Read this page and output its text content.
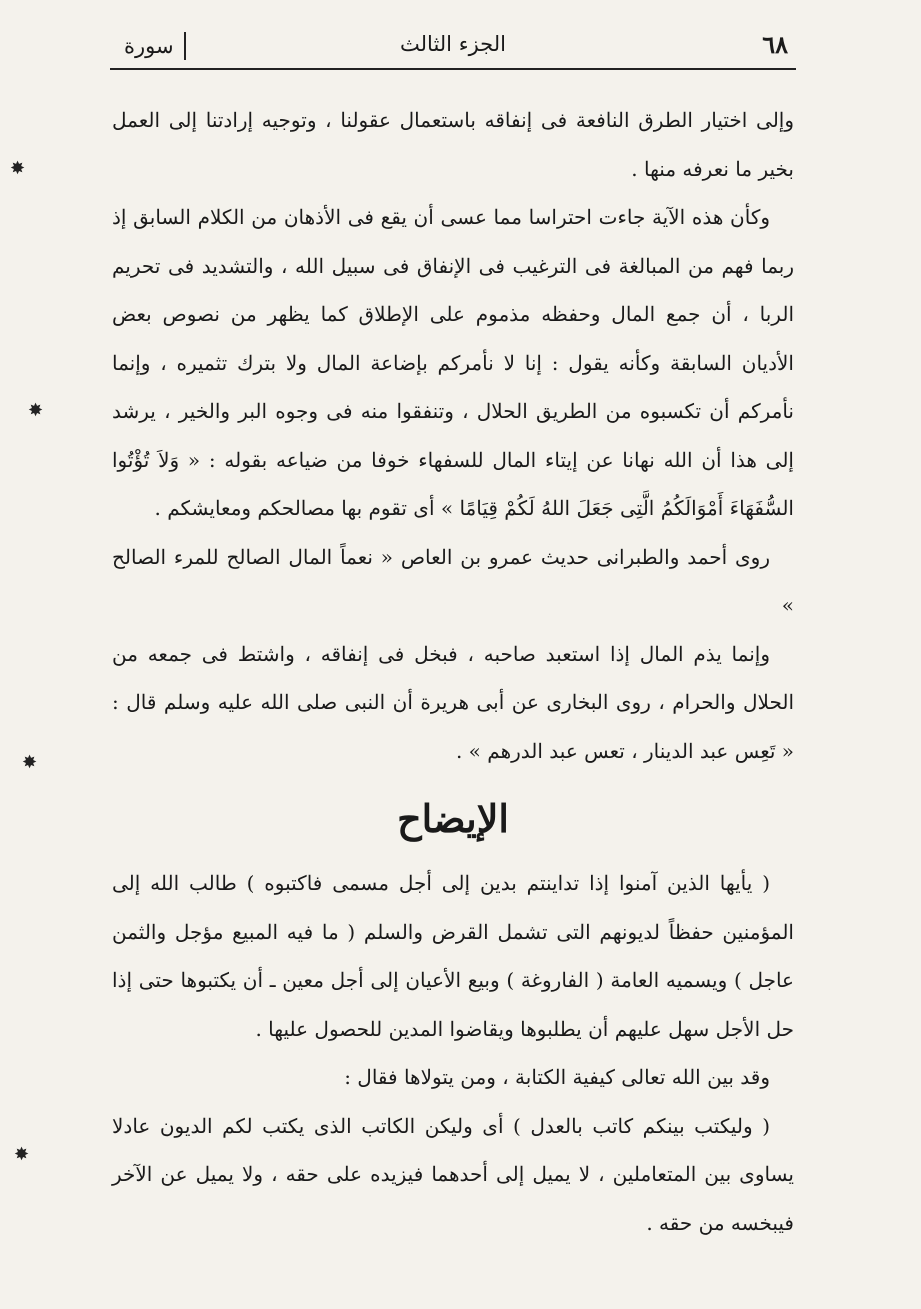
٦٨
الجزء الثالث
سورة

وإلى اختيار الطرق النافعة فى إنفاقه باستعمال عقولنا ، وتوجيه إرادتنا إلى العمل بخير ما نعرفه منها .

وكأن هذه الآية جاءت احتراسا مما عسى أن يقع فى الأذهان من الكلام السابق إذ ربما فهم من المبالغة فى الترغيب فى الإنفاق فى سبيل الله ، والتشديد فى تحريم الربا ، أن جمع المال وحفظه مذموم على الإطلاق كما يظهر من نصوص بعض الأديان السابقة وكأنه يقول : إنا لا نأمركم بإضاعة المال ولا بترك تثميره ، وإنما نأمركم أن تكسبوه من الطريق الحلال ، وتنفقوا منه فى وجوه البر والخير ، يرشد إلى هذا أن الله نهانا عن إيتاء المال للسفهاء خوفا من ضياعه بقوله : « وَلاَ تُؤْتُوا السُّفَهَاءَ أَمْوَالَكُمُ الَّتِى جَعَلَ اللهُ لَكُمْ قِيَامًا » أى تقوم بها مصالحكم ومعايشكم .

روى أحمد والطبرانى حديث عمرو بن العاص « نعماً المال الصالح للمرء الصالح »

وإنما يذم المال إذا استعبد صاحبه ، فبخل فى إنفاقه ، واشتط فى جمعه من الحلال والحرام ، روى البخارى عن أبى هريرة أن النبى صلى الله عليه وسلم قال : « تَعِس عبد الدينار ، تعس عبد الدرهم » .

الإيضاح

( يأيها الذين آمنوا إذا تداينتم بدين إلى أجل مسمى فاكتبوه ) طالب الله إلى المؤمنين حفظاً لديونهم التى تشمل القرض والسلم ( ما فيه المبيع مؤجل والثمن عاجل ) ويسميه العامة ( الفاروغة ) وبيع الأعيان إلى أجل معين ـ أن يكتبوها حتى إذا حل الأجل سهل عليهم أن يطلبوها ويقاضوا المدين للحصول عليها .

وقد بين الله تعالى كيفية الكتابة ، ومن يتولاها فقال :

( وليكتب بينكم كاتب بالعدل ) أى وليكن الكاتب الذى يكتب لكم الديون عادلا يساوى بين المتعاملين ، لا يميل إلى أحدهما فيزيده على حقه ، ولا يميل عن الآخر فيبخسه من حقه .

✸
✸
✸
✸
